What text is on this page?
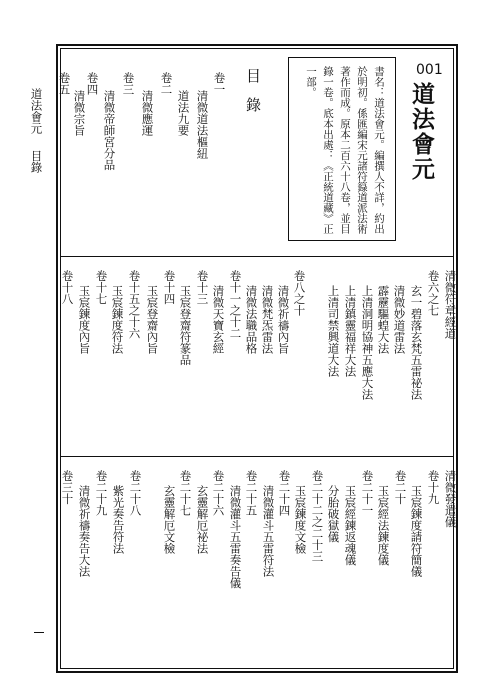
道法會元
目錄
001
道法會元
書名：道法會元。編撰人不詳，約出於明初。係匯編宋元諸符籙道派法術著作而成。原本二百六十八卷，並目錄一卷。底本出處：《正統道藏》正一部。
目錄
卷一
清微道法樞紐
道法九要
卷二
清微應運
卷三
清微帝師宮分品
卷四
清微宗旨
卷五
清微符章經道
卷六之七
玄一碧落玄梵五雷祕法
清微妙道雷法
卷八之十
清微祈禱內旨
清微梵炁雷法
清微法職品格
卷十一之十二
清微天寶玄經
卷十三
玉宸登齋符篆品
卷十四
玉宸登齋內旨
卷十五之十六
玉宸鍊度符法
卷十七
玉宸鍊度內旨
卷十八	霹靂驅蝗大法
上清洞明協神五應大法
上清鎮靈福祥大法
上清司禁興道大法
清微發遣儀
卷十九
玉宸鍊度請符簡儀
卷二十
玉宸經法鍊度儀
卷二十一
玉宸經鍊返魂儀
分胎破獄儀
卷二十二之二十三
玉宸鍊度文檢
卷二十四
清微灌斗五雷符法
卷二十五
清微灌斗五雷奏告儀
卷二十六
玄靈解厄祕法
卷二十七
玄靈解厄文檢
卷二十八
紫光奏告符法
卷二十九
清微祈禱奏告大法
卷三十
